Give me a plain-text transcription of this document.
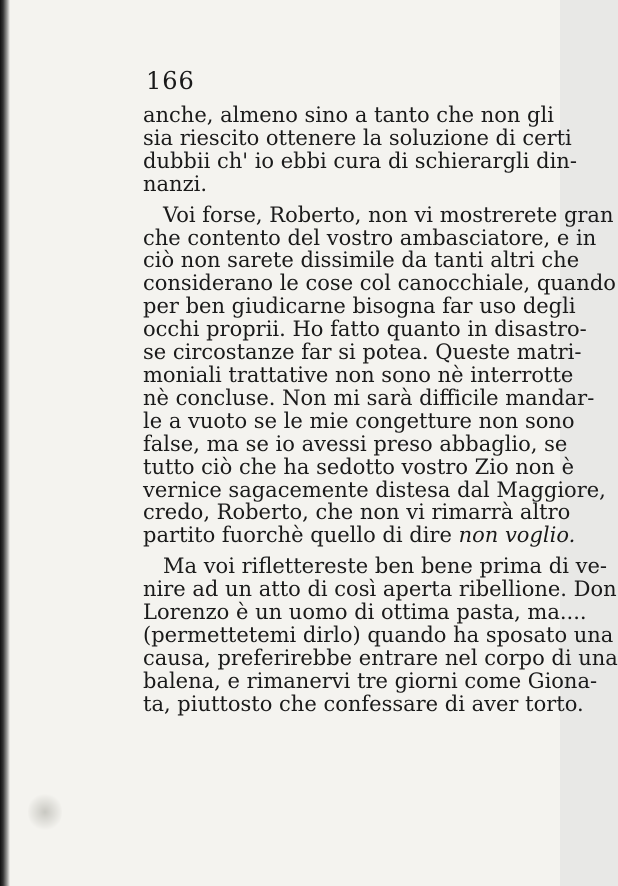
166
anche, almeno sino a tanto che non gli
sia riescito ottenere la soluzione di certi
dubbii ch' io ebbi cura di schierargli din-
nanzi.
Voi forse, Roberto, non vi mostrerete gran
che contento del vostro ambasciatore, e in
ciò non sarete dissimile da tanti altri che
considerano le cose col canocchiale, quando
per ben giudicarne bisogna far uso degli
occhi proprii. Ho fatto quanto in disastro-
se circostanze far si potea. Queste matri-
moniali trattative non sono nè interrotte
nè concluse. Non mi sarà difficile mandar-
le a vuoto se le mie congetture non sono
false, ma se io avessi preso abbaglio, se
tutto ciò che ha sedotto vostro Zio non è
vernice sagacemente distesa dal Maggiore,
credo, Roberto, che non vi rimarrà altro
partito fuorchè quello di dire non voglio.
Ma voi riflettereste ben bene prima di ve-
nire ad un atto di così aperta ribellione. Don
Lorenzo è un uomo di ottima pasta, ma....
(permettetemi dirlo) quando ha sposato una
causa, preferirebbe entrare nel corpo di una
balena, e rimanervi tre giorni come Giona-
ta, piuttosto che confessare di aver torto.
